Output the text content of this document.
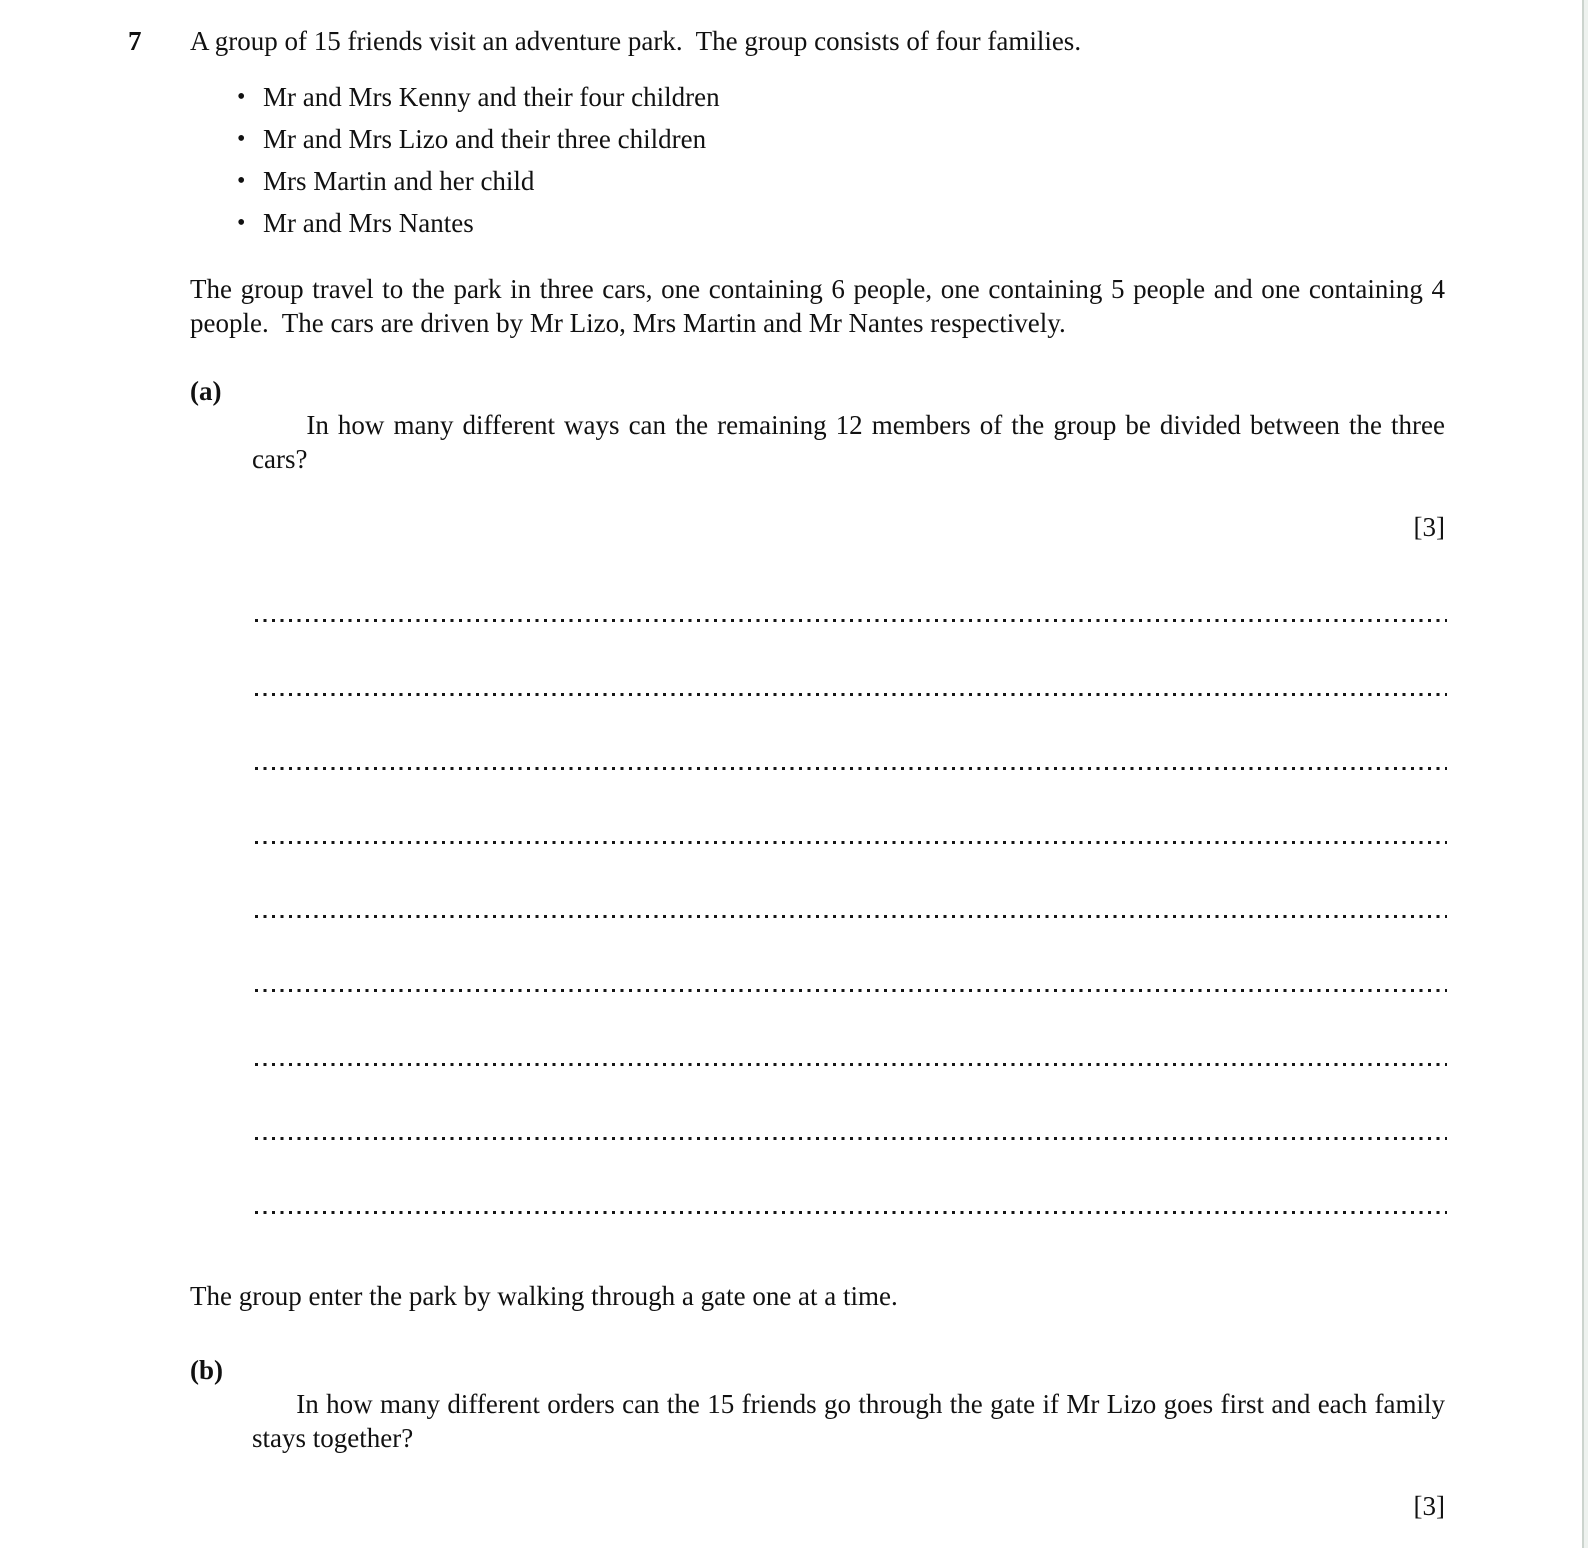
7	A group of 15 friends visit an adventure park.  The group consists of four families.
• Mr and Mrs Kenny and their four children
• Mr and Mrs Lizo and their three children
• Mrs Martin and her child
• Mr and Mrs Nantes
The group travel to the park in three cars, one containing 6 people, one containing 5 people and one containing 4 people.  The cars are driven by Mr Lizo, Mrs Martin and Mr Nantes respectively.
(a)

In how many different ways can the remaining 12 members of the group be divided between the three cars?

[3]

The group enter the park by walking through a gate one at a time.
(b)

In how many different orders can the 15 friends go through the gate if Mr Lizo goes first and each family stays together?

[3]
